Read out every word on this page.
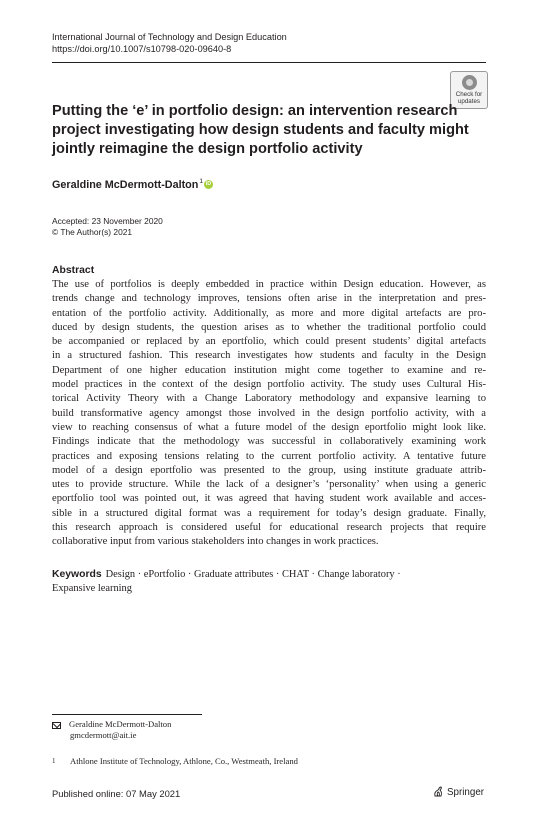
International Journal of Technology and Design Education
https://doi.org/10.1007/s10798-020-09640-8
Check for
updates
Putting the ‘e’ in portfolio design: an intervention research
project investigating how design students and faculty might
jointly reimagine the design portfolio activity
Geraldine McDermott-Dalton$^1$ iD
Accepted: 23 November 2020
© The Author(s) 2021
Abstract
The use of portfolios is deeply embedded in practice within Design education. However, as
trends change and technology improves, tensions often arise in the interpretation and pres-
entation of the portfolio activity. Additionally, as more and more digital artefacts are pro-
duced by design students, the question arises as to whether the traditional portfolio could
be accompanied or replaced by an eportfolio, which could present students’ digital artefacts
in a structured fashion. This research investigates how students and faculty in the Design
Department of one higher education institution might come together to examine and re-
model practices in the context of the design portfolio activity. The study uses Cultural His-
torical Activity Theory with a Change Laboratory methodology and expansive learning to
build transformative agency amongst those involved in the design portfolio activity, with a
view to reaching consensus of what a future model of the design eportfolio might look like.
Findings indicate that the methodology was successful in collaboratively examining work
practices and exposing tensions relating to the current portfolio activity. A tentative future
model of a design eportfolio was presented to the group, using institute graduate attrib-
utes to provide structure. While the lack of a designer’s ‘personality’ when using a generic
eportfolio tool was pointed out, it was agreed that having student work available and acces-
sible in a structured digital format was a requirement for today’s design graduate. Finally,
this research approach is considered useful for educational research projects that require
collaborative input from various stakeholders into changes in work practices.
Keywords Design · ePortfolio · Graduate attributes · CHAT · Change laboratory ·
Expansive learning
Geraldine McDermott-Dalton
gmcdermott@ait.ie
1 Athlone Institute of Technology, Athlone, Co., Westmeath, Ireland
Published online: 07 May 2021	Springer
